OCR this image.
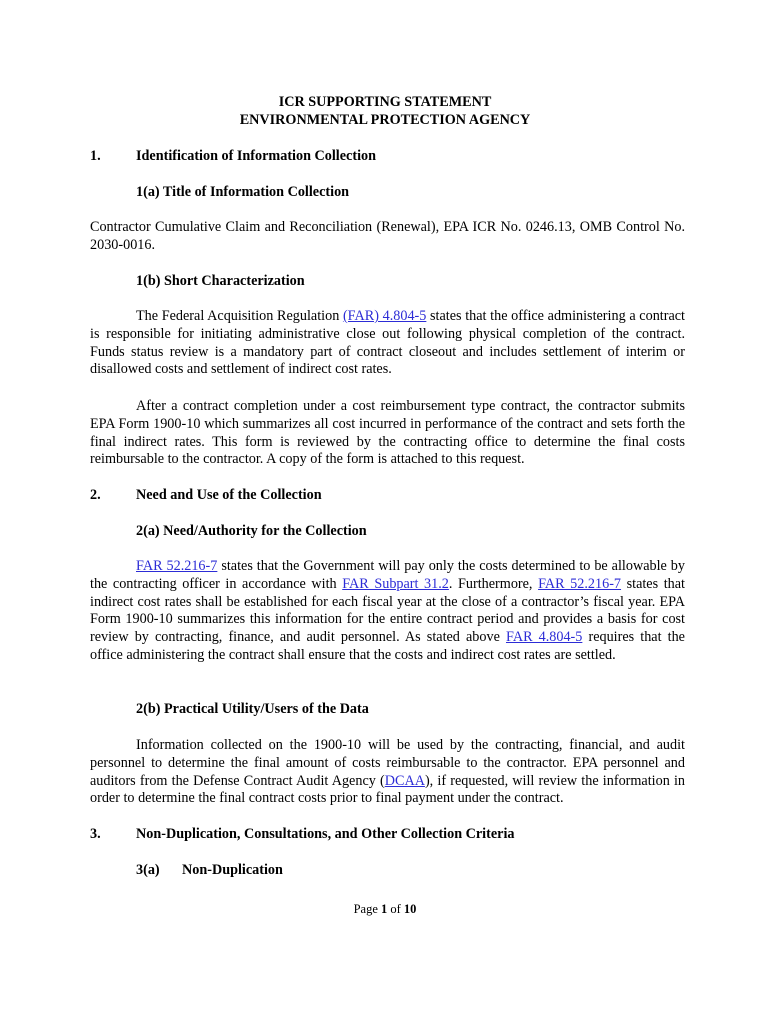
ICR SUPPORTING STATEMENT

ENVIRONMENTAL PROTECTION AGENCY

1. Identification of Information Collection

1(a) Title of Information Collection

Contractor Cumulative Claim and Reconciliation (Renewal), EPA ICR No. 0246.13, OMB Control No. 2030-0016.

1(b) Short Characterization

The Federal Acquisition Regulation (FAR) 4.804-5 states that the office administering a contract is responsible for initiating administrative close out following physical completion of the contract. Funds status review is a mandatory part of contract closeout and includes settlement of interim or disallowed costs and settlement of indirect cost rates.

After a contract completion under a cost reimbursement type contract, the contractor submits EPA Form 1900-10 which summarizes all cost incurred in performance of the contract and sets forth the final indirect rates. This form is reviewed by the contracting office to determine the final costs reimbursable to the contractor. A copy of the form is attached to this request.

2. Need and Use of the Collection

2(a) Need/Authority for the Collection

FAR 52.216-7 states that the Government will pay only the costs determined to be allowable by the contracting officer in accordance with FAR Subpart 31.2. Furthermore, FAR 52.216-7 states that indirect cost rates shall be established for each fiscal year at the close of a contractor’s fiscal year. EPA Form 1900-10 summarizes this information for the entire contract period and provides a basis for cost review by contracting, finance, and audit personnel. As stated above FAR 4.804-5 requires that the office administering the contract shall ensure that the costs and indirect cost rates are settled.

2(b) Practical Utility/Users of the Data

Information collected on the 1900-10 will be used by the contracting, financial, and audit personnel to determine the final amount of costs reimbursable to the contractor. EPA personnel and auditors from the Defense Contract Audit Agency (DCAA), if requested, will review the information in order to determine the final contract costs prior to final payment under the contract.

3. Non-Duplication, Consultations, and Other Collection Criteria

3(a) Non-Duplication

Page 1 of 10
